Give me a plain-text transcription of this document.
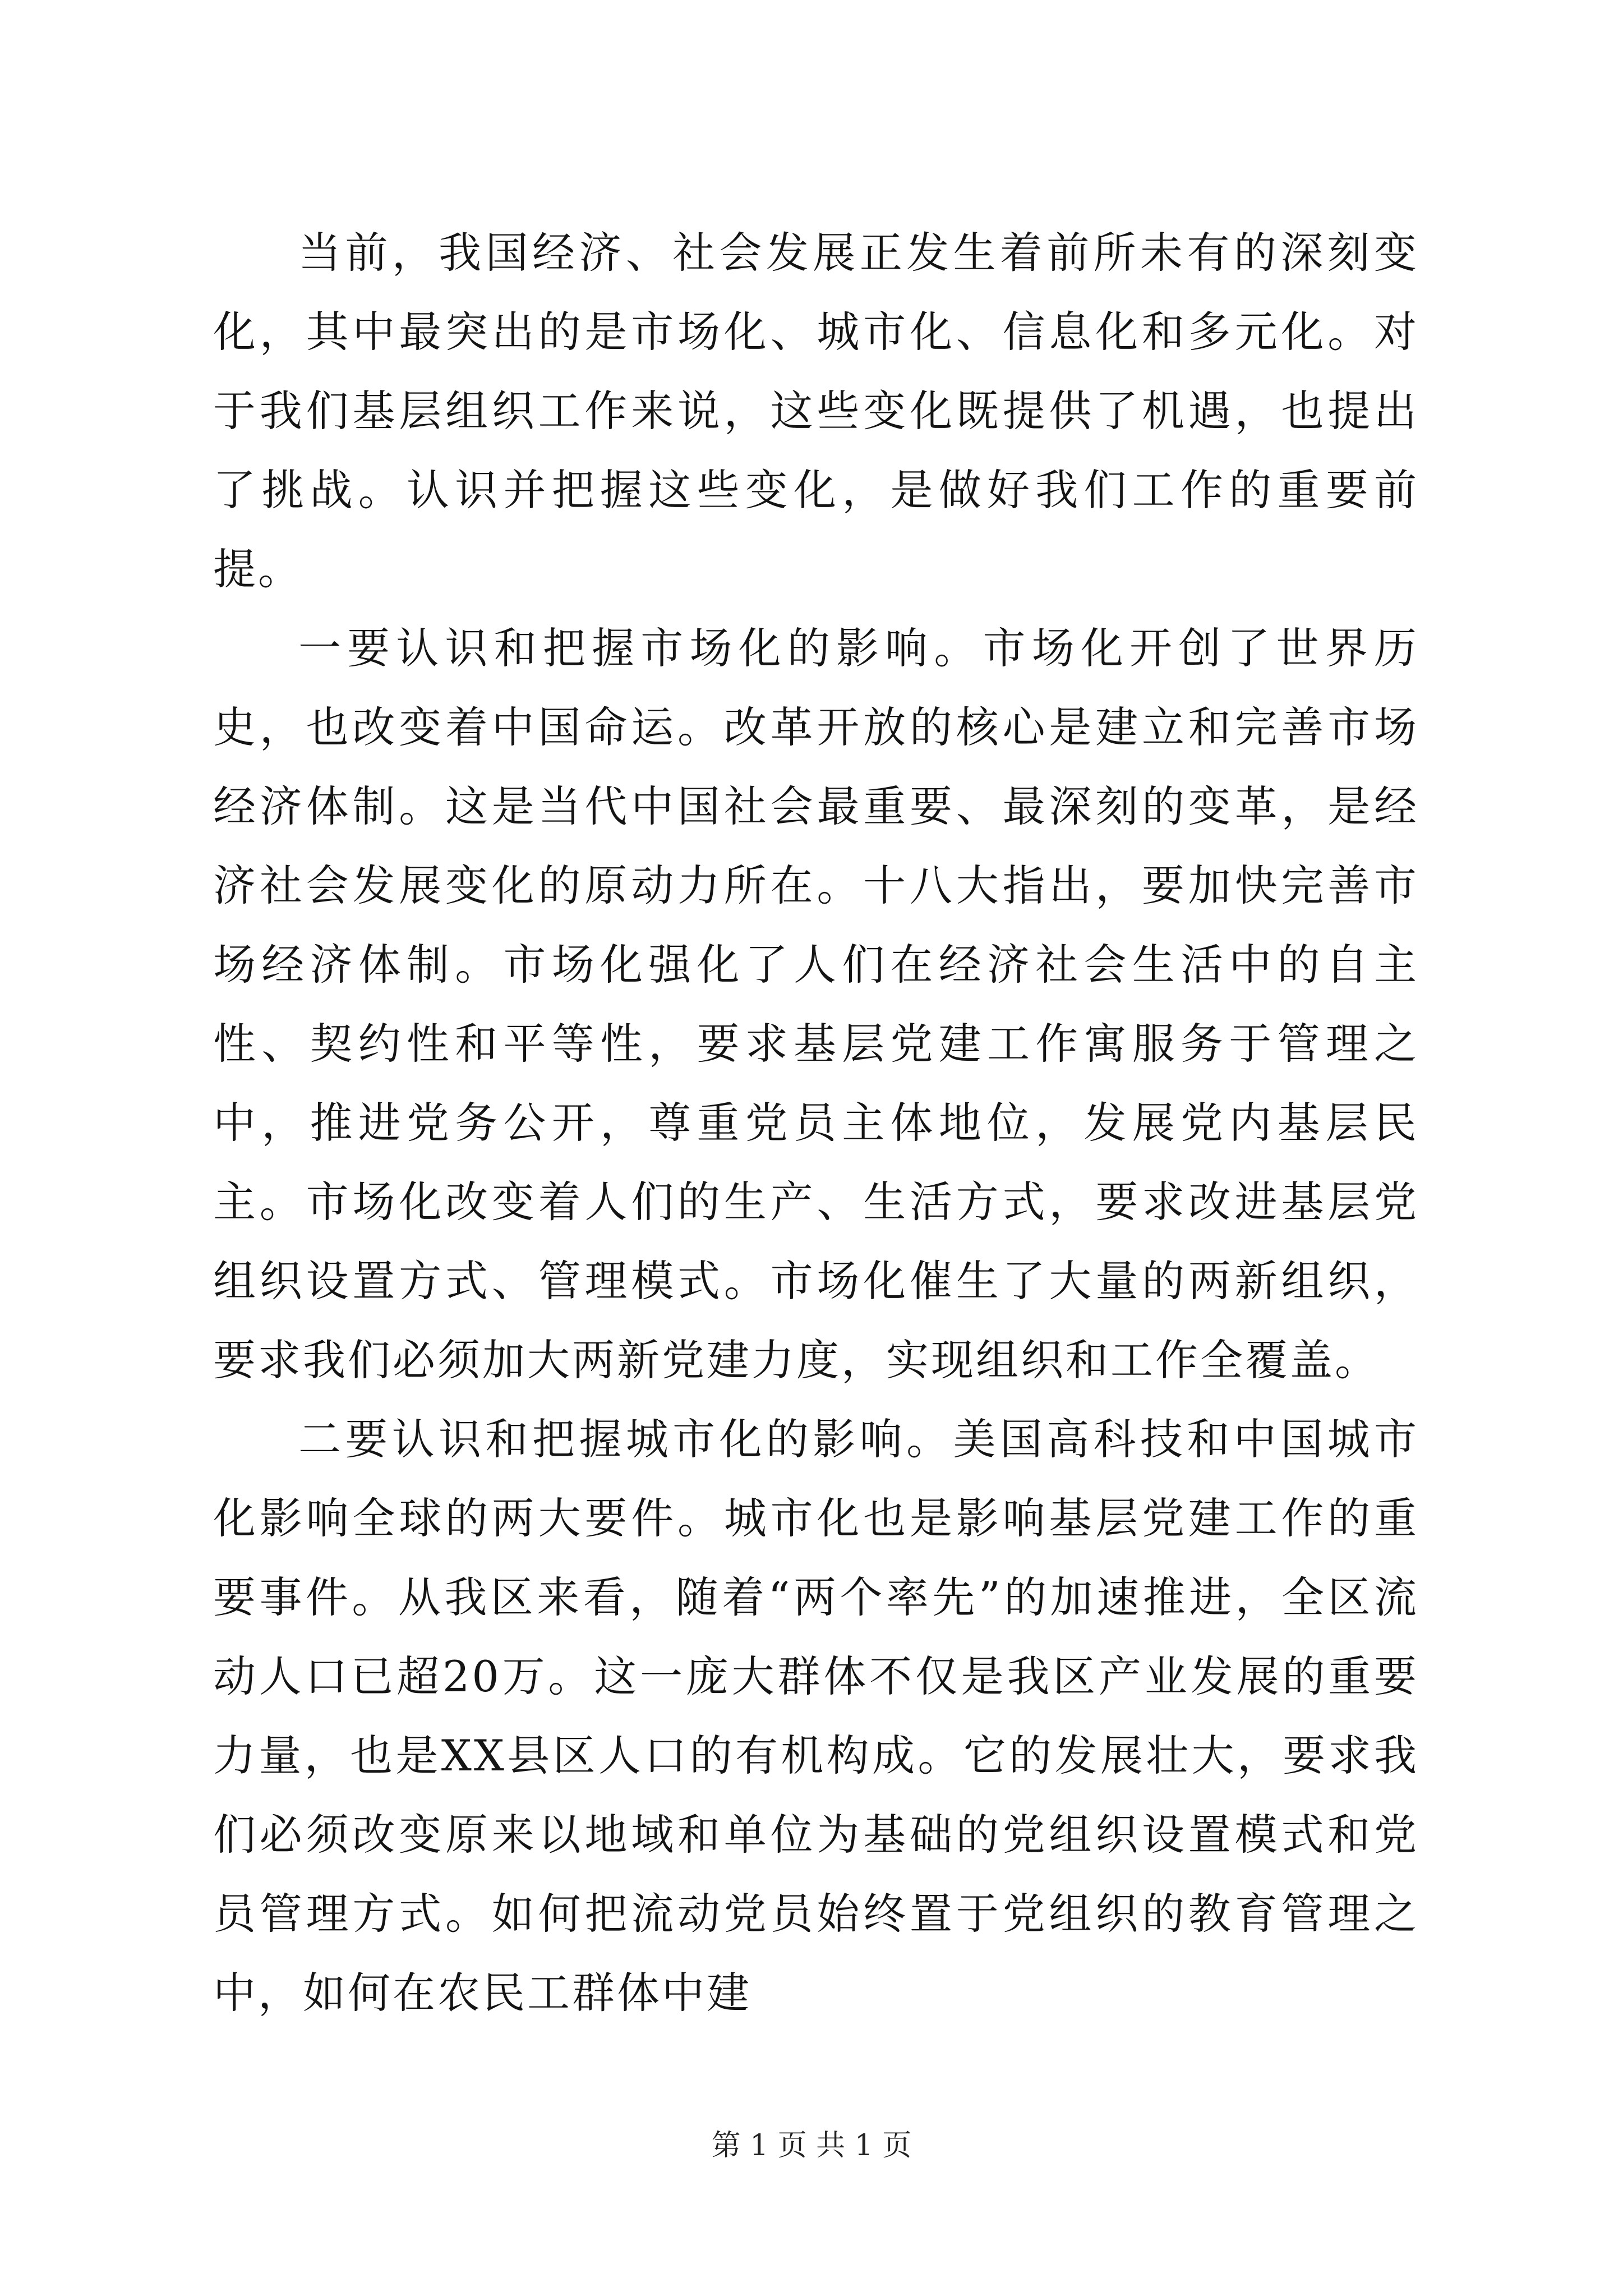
当前，我国经济、社会发展正发生着前所未有的深刻变化，其中最突出的是市场化、城市化、信息化和多元化。对于我们基层组织工作来说，这些变化既提供了机遇，也提出了挑战。认识并把握这些变化，是做好我们工作的重要前提。

一要认识和把握市场化的影响。市场化开创了世界历史，也改变着中国命运。改革开放的核心是建立和完善市场经济体制。这是当代中国社会最重要、最深刻的变革，是经济社会发展变化的原动力所在。十八大指出，要加快完善市场经济体制。市场化强化了人们在经济社会生活中的自主性、契约性和平等性，要求基层党建工作寓服务于管理之中，推进党务公开，尊重党员主体地位，发展党内基层民主。市场化改变着人们的生产、生活方式，要求改进基层党组织设置方式、管理模式。市场化催生了大量的两新组织，要求我们必须加大两新党建力度，实现组织和工作全覆盖。

二要认识和把握城市化的影响。美国高科技和中国城市化影响全球的两大要件。城市化也是影响基层党建工作的重要事件。从我区来看，随着“两个率先”的加速推进，全区流动人口已超20万。这一庞大群体不仅是我区产业发展的重要力量，也是XX县区人口的有机构成。它的发展壮大，要求我们必须改变原来以地域和单位为基础的党组织设置模式和党员管理方式。如何把流动党员始终置于党组织的教育管理之中，如何在农民工群体中建

第 1 页 共 1 页
